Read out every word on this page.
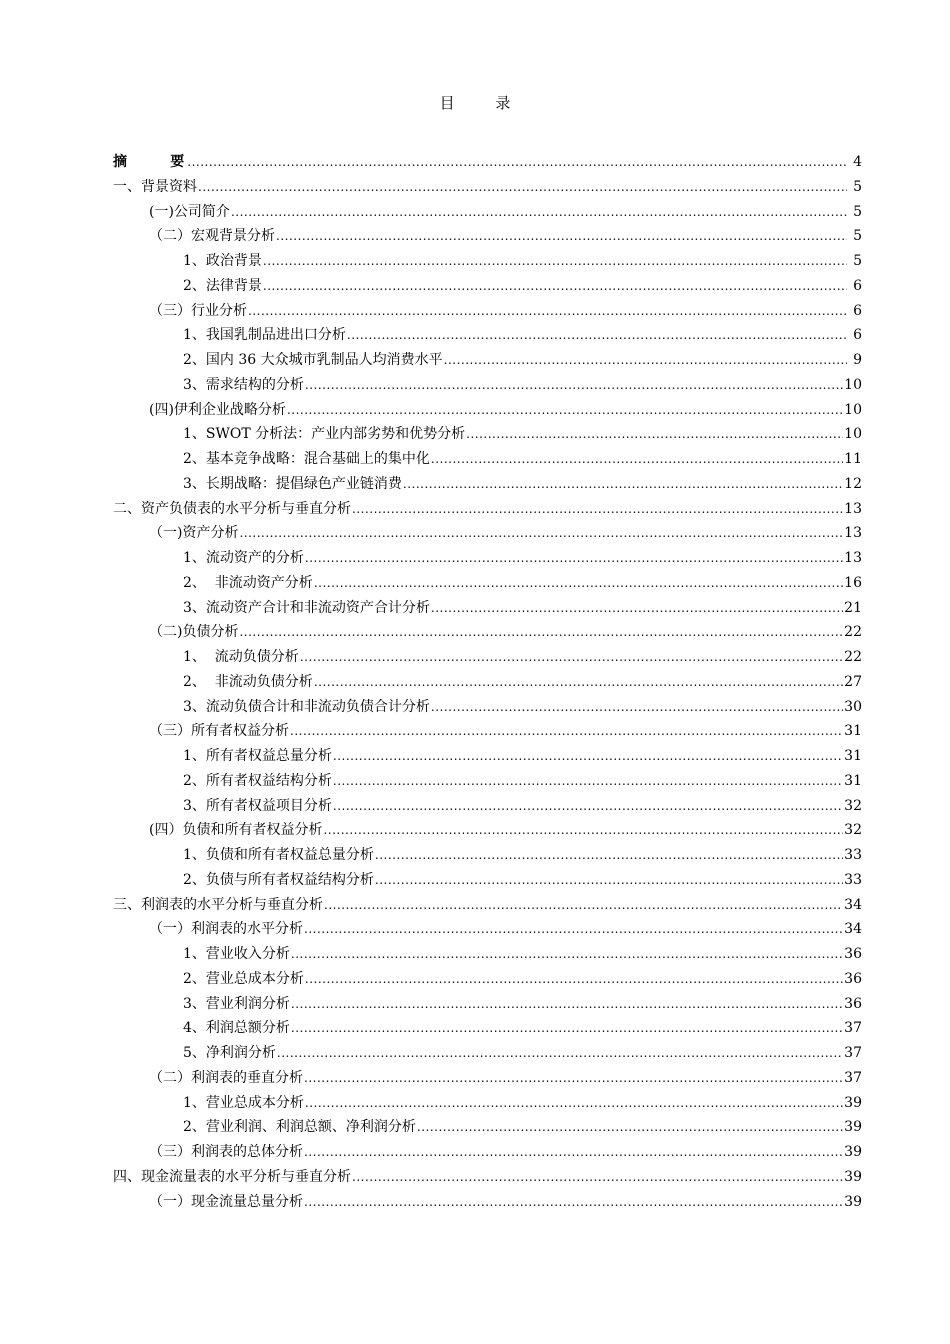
目 录
摘      要 .....	4
一、背景资料 .....	5
(一)公司简介 .....	5
（二）宏观背景分析 .....	5
1、政治背景 .....	5
2、法律背景 .....	6
（三）行业分析 .....	6
1、我国乳制品进出口分析 .....	6
2、国内 36 大众城市乳制品人均消费水平 .....	9
3、需求结构的分析 .....	10
(四)伊利企业战略分析 .....	10
1、SWOT 分析法：产业内部劣势和优势分析 .....	10
2、基本竞争战略：混合基础上的集中化 .....	11
3、长期战略：提倡绿色产业链消费 .....	12
二、资产负债表的水平分析与垂直分析 .....	13
（一)资产分析 .....	13
1、流动资产的分析 .....	13
2、  非流动资产分析 .....	16
3、流动资产合计和非流动资产合计分析 .....	21
（二)负债分析 .....	22
1、  流动负债分析 .....	22
2、  非流动负债分析 .....	27
3、流动负债合计和非流动负债合计分析 .....	30
（三）所有者权益分析 .....	31
1、所有者权益总量分析 .....	31
2、所有者权益结构分析 .....	31
3、所有者权益项目分析 .....	32
(四）负债和所有者权益分析 .....	32
1、负债和所有者权益总量分析 .....	33
2、负债与所有者权益结构分析 .....	33
三、利润表的水平分析与垂直分析 .....	34
（一）利润表的水平分析 .....	34
1、营业收入分析 .....	36
2、营业总成本分析 .....	36
3、营业利润分析 .....	36
4、利润总额分析 .....	37
5、净利润分析 .....	37
（二）利润表的垂直分析 .....	37
1、营业总成本分析 .....	39
2、营业利润、利润总额、净利润分析 .....	39
（三）利润表的总体分析 .....	39
四、现金流量表的水平分析与垂直分析 .....	39
（一）现金流量总量分析 .....	39
